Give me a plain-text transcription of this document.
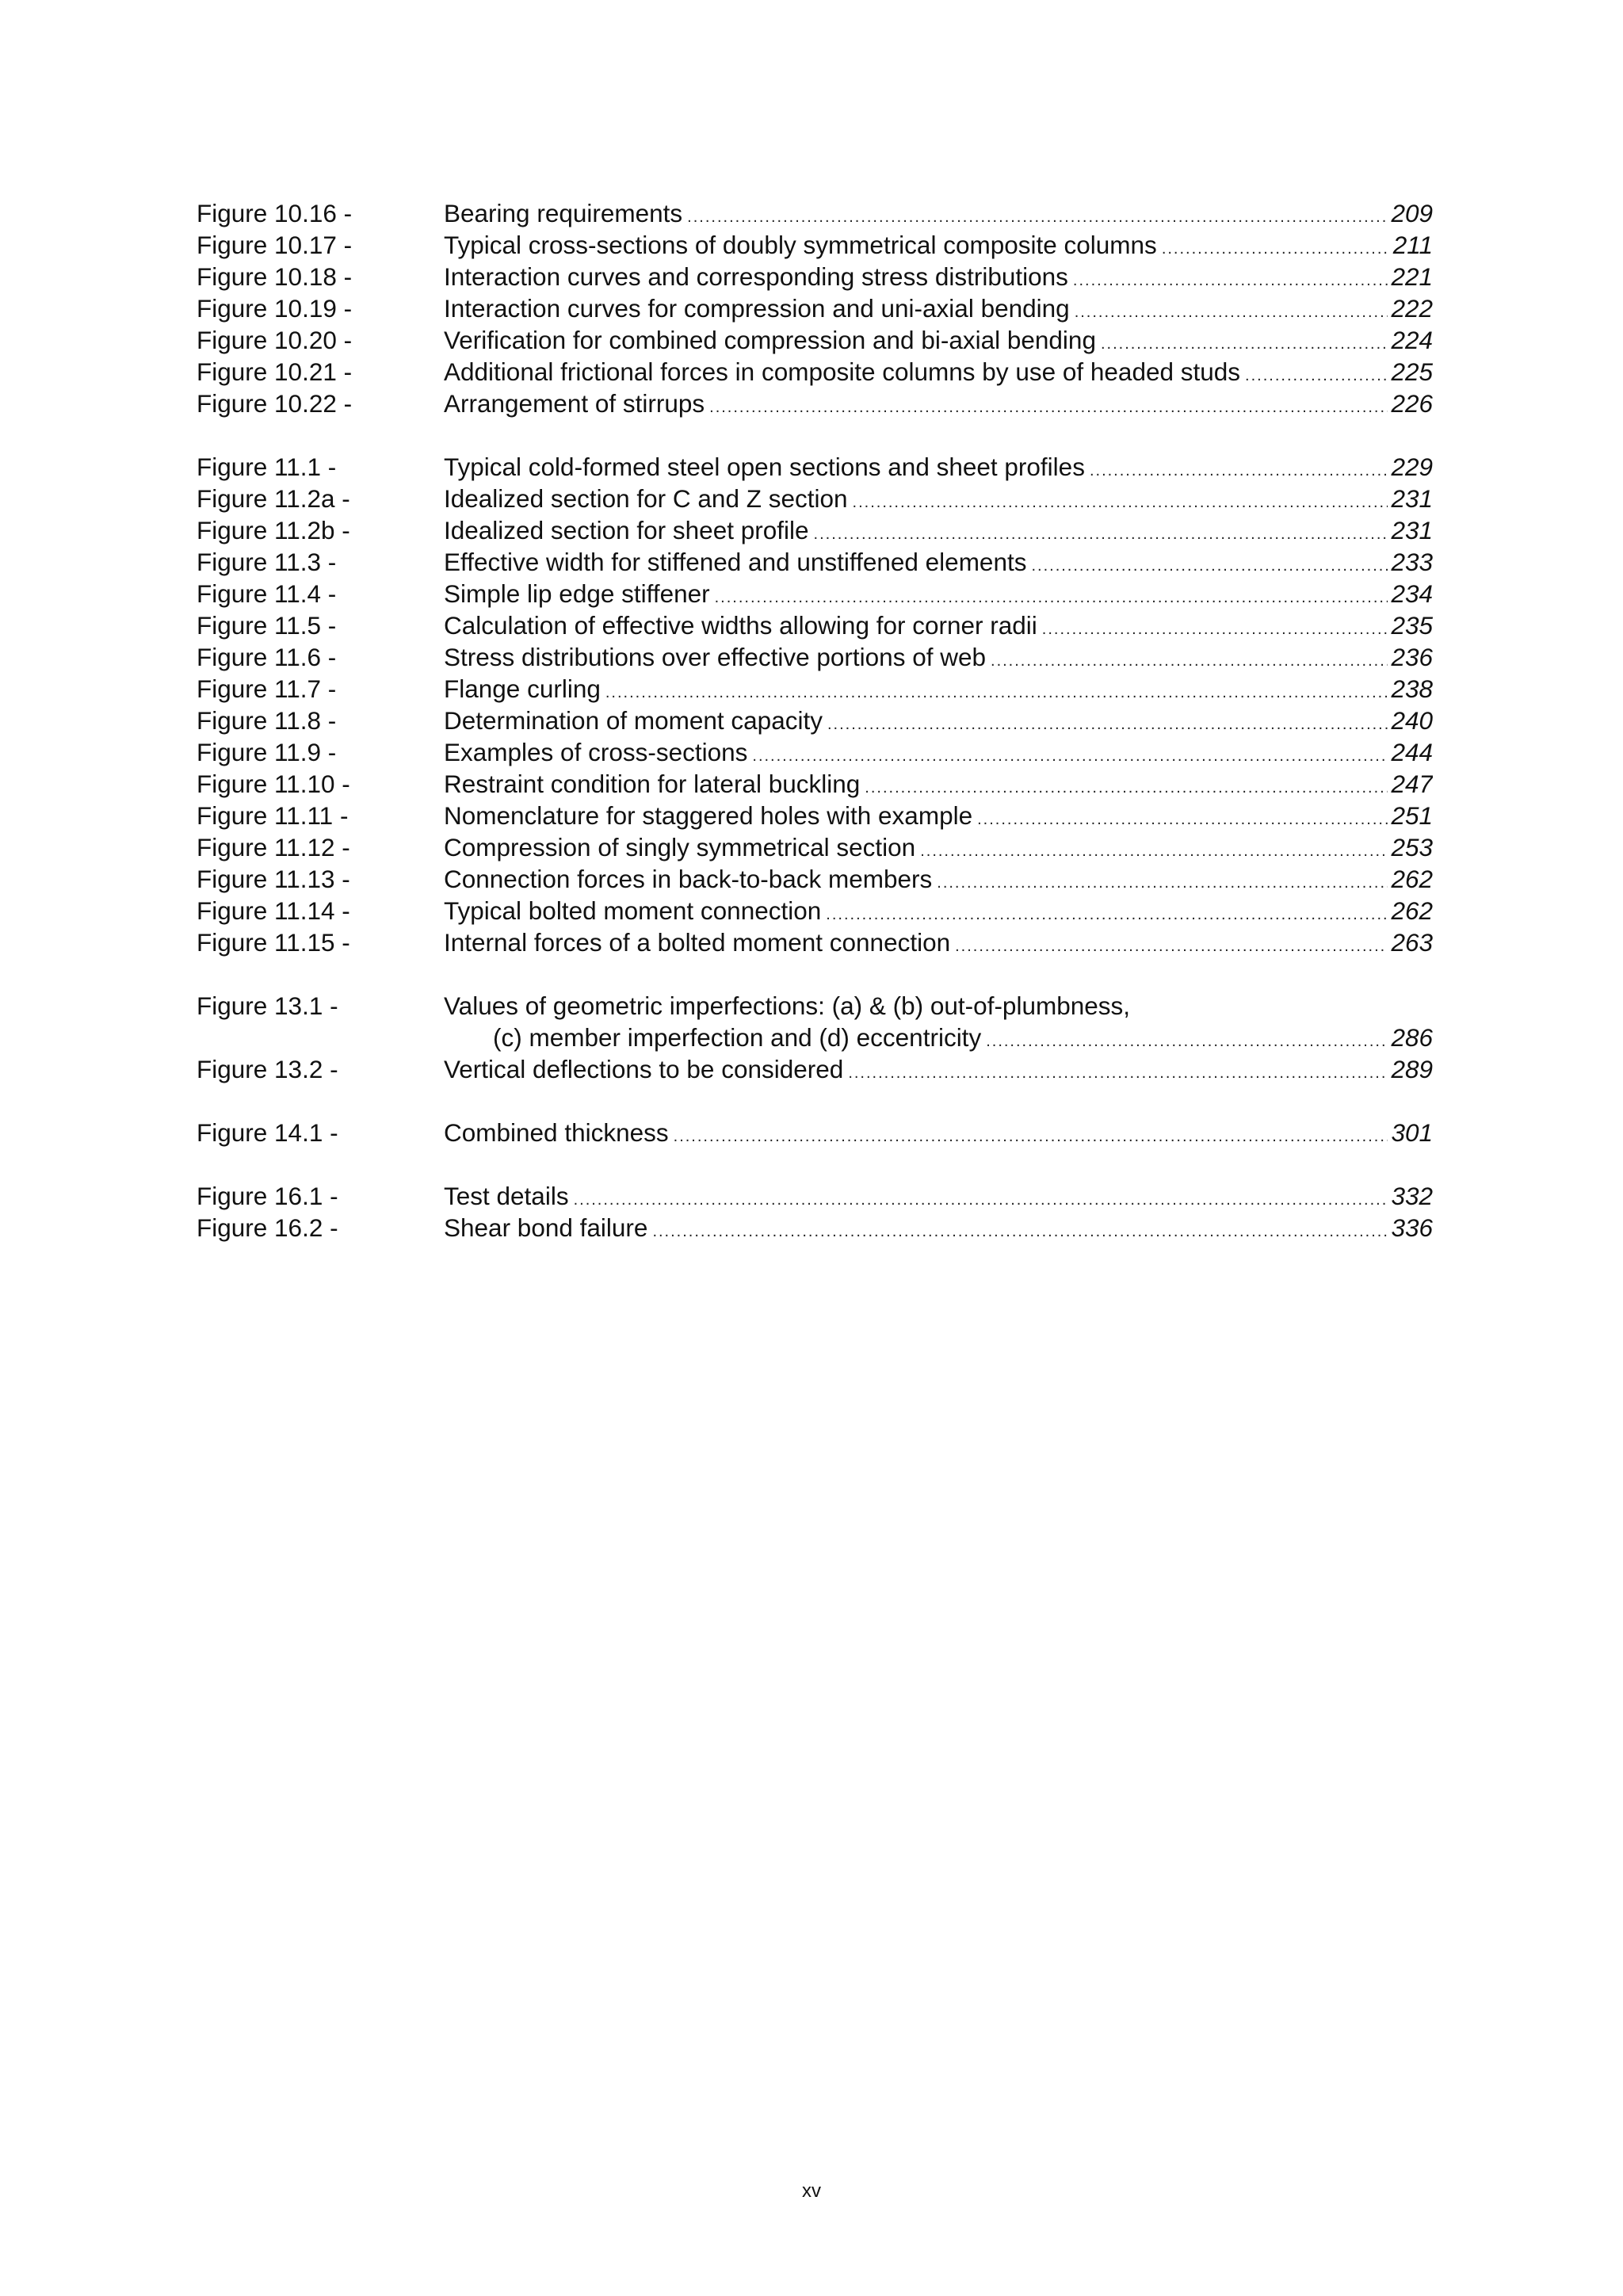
Figure 10.16 -	Bearing requirements .....	209
Figure 10.17 -	Typical cross-sections of doubly symmetrical composite columns .....	211
Figure 10.18 -	Interaction curves and corresponding stress distributions .....	221
Figure 10.19 -	Interaction curves for compression and uni-axial bending .....	222
Figure 10.20 -	Verification for combined compression and bi-axial bending .....	224
Figure 10.21 -	Additional frictional forces in composite columns by use of headed studs .....	225
Figure 10.22 -	Arrangement of stirrups .....	226
Figure 11.1 -	Typical cold-formed steel open sections and sheet profiles .....	229
Figure 11.2a -	Idealized section for C and Z section .....	231
Figure 11.2b -	Idealized section for sheet profile .....	231
Figure 11.3 -	Effective width for stiffened and unstiffened elements .....	233
Figure 11.4 -	Simple lip edge stiffener .....	234
Figure 11.5 -	Calculation of effective widths allowing for corner radii .....	235
Figure 11.6 -	Stress distributions over effective portions of web .....	236
Figure 11.7 -	Flange curling .....	238
Figure 11.8 -	Determination of moment capacity .....	240
Figure 11.9 -	Examples of cross-sections .....	244
Figure 11.10 -	Restraint condition for lateral buckling .....	247
Figure 11.11 -	Nomenclature for staggered holes with example .....	251
Figure 11.12 -	Compression of singly symmetrical section .....	253
Figure 11.13 -	Connection forces in back-to-back members .....	262
Figure 11.14 -	Typical bolted moment connection .....	262
Figure 11.15 -	Internal forces of a bolted moment connection .....	263
Figure 13.1 -	Values of geometric imperfections: (a) & (b) out-of-plumbness,
(c) member imperfection and (d) eccentricity .....	286
Figure 13.2 -	Vertical deflections to be considered .....	289
Figure 14.1 -	Combined thickness .....	301
Figure 16.1 -	Test details .....	332
Figure 16.2 -	Shear bond failure .....	336
xv
